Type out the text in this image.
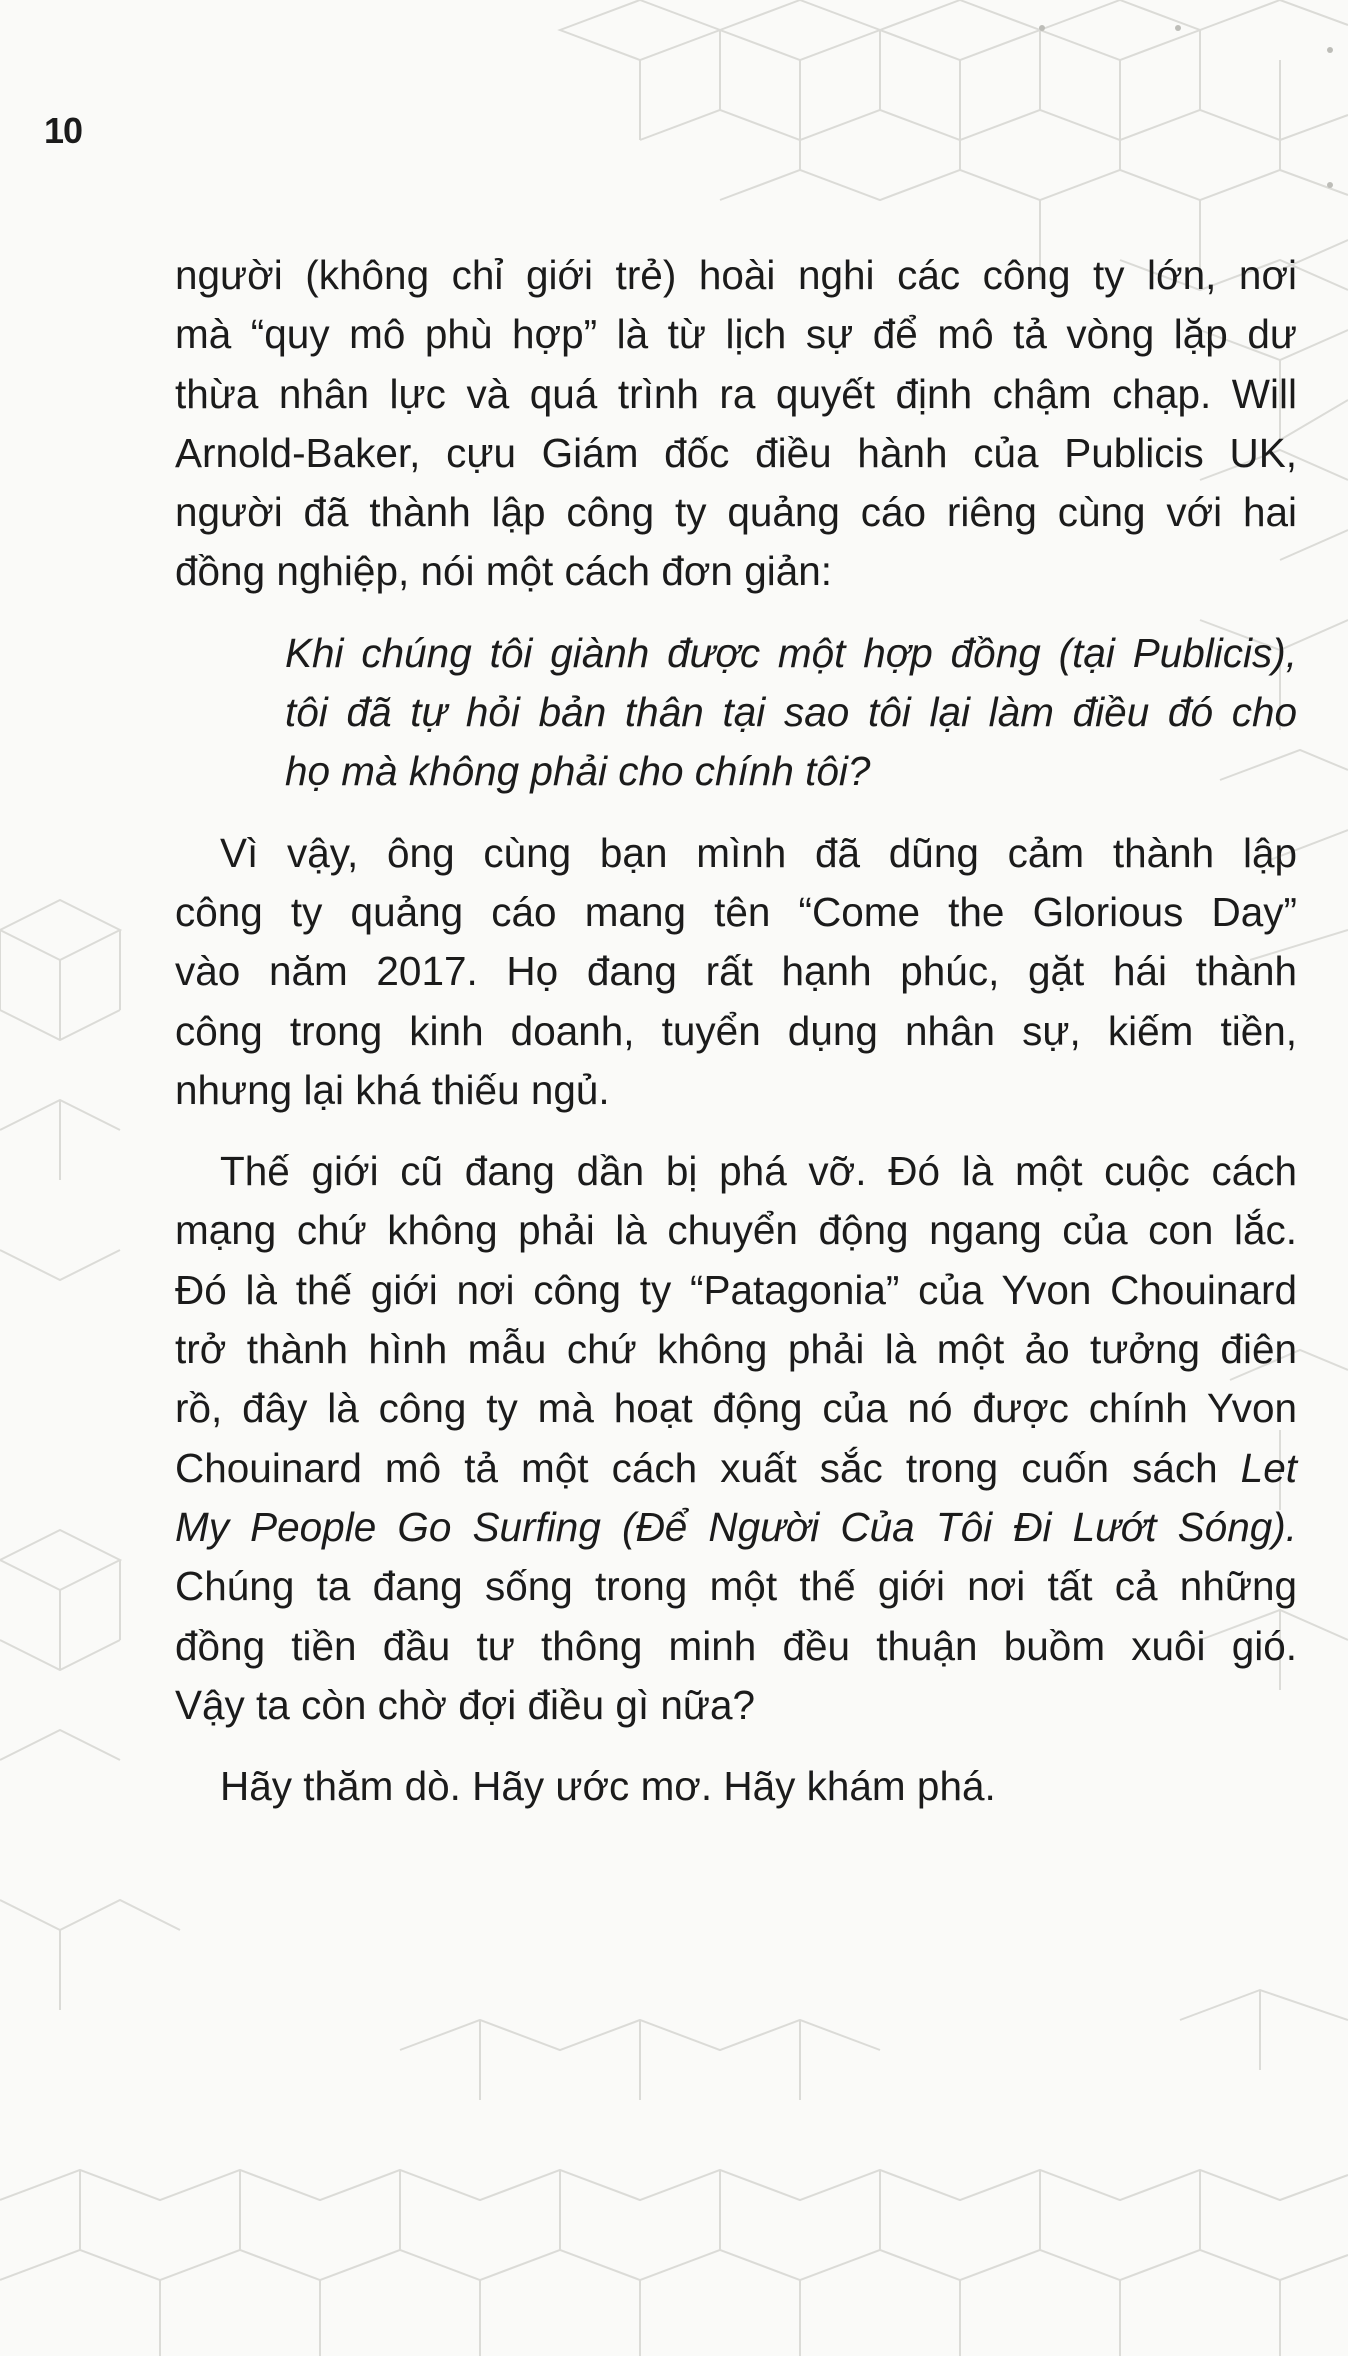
10

người (không chỉ giới trẻ) hoài nghi các công ty lớn, nơi
mà “quy mô phù hợp” là từ lịch sự để mô tả vòng lặp dư
thừa nhân lực và quá trình ra quyết định chậm chạp. Will
Arnold-Baker, cựu Giám đốc điều hành của Publicis UK,
người đã thành lập công ty quảng cáo riêng cùng với hai
đồng nghiệp, nói một cách đơn giản:

Khi chúng tôi giành được một hợp đồng (tại Publicis),
tôi đã tự hỏi bản thân tại sao tôi lại làm điều đó cho
họ mà không phải cho chính tôi?

Vì vậy, ông cùng bạn mình đã dũng cảm thành lập
công ty quảng cáo mang tên “Come the Glorious Day”
vào năm 2017. Họ đang rất hạnh phúc, gặt hái thành
công trong kinh doanh, tuyển dụng nhân sự, kiếm tiền,
nhưng lại khá thiếu ngủ.

Thế giới cũ đang dần bị phá vỡ. Đó là một cuộc cách
mạng chứ không phải là chuyển động ngang của con lắc.
Đó là thế giới nơi công ty “Patagonia” của Yvon Chouinard
trở thành hình mẫu chứ không phải là một ảo tưởng điên
rồ, đây là công ty mà hoạt động của nó được chính Yvon
Chouinard mô tả một cách xuất sắc trong cuốn sách Let
My People Go Surfing (Để Người Của Tôi Đi Lướt Sóng).
Chúng ta đang sống trong một thế giới nơi tất cả những
đồng tiền đầu tư thông minh đều thuận buồm xuôi gió.
Vậy ta còn chờ đợi điều gì nữa?

Hãy thăm dò. Hãy ước mơ. Hãy khám phá.
